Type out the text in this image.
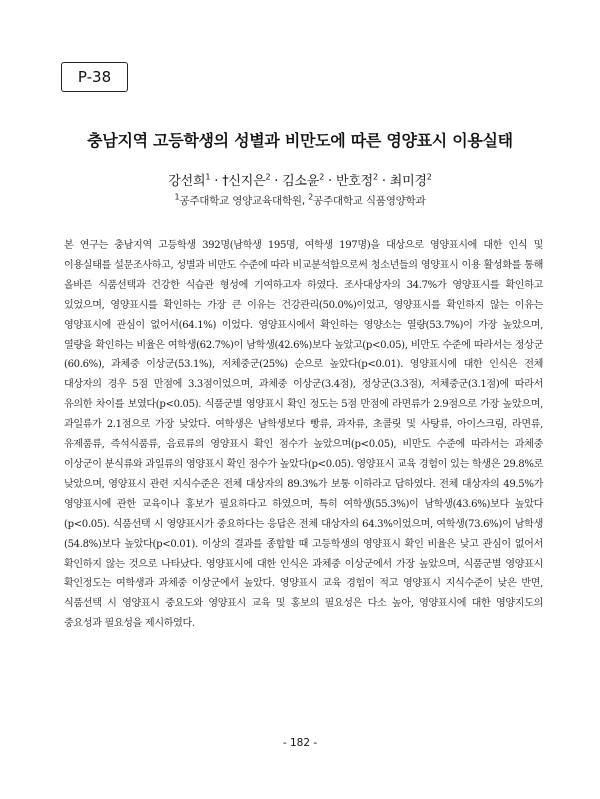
P-38
충남지역 고등학생의 성별과 비만도에 따른 영양표시 이용실태
강선희$^1$ · †신지은$^2$ · 김소윤$^2$ · 반호정$^2$ · 최미경$^2$
$^1$공주대학교 영양교육대학원, $^2$공주대학교 식품영양학과

본 연구는 충남지역 고등학생 392명(남학생 195명, 여학생 197명)을 대상으로 영양표시에 대한 인식 및 이용실태를 설문조사하고, 성별과 비만도 수준에 따라 비교분석함으로써 청소년들의 영양표시 이용 활성화를 통해 올바른 식품선택과 건강한 식습관 형성에 기여하고자 하였다. 조사대상자의 34.7%가 영양표시를 확인하고 있었으며, 영양표시를 확인하는 가장 큰 이유는 건강관리(50.0%)이었고, 영양표시를 확인하지 않는 이유는 영양표시에 관심이 없어서(64.1%) 이었다. 영양표시에서 확인하는 영양소는 열량(53.7%)이 가장 높았으며, 열량을 확인하는 비율은 여학생(62.7%)이 남학생(42.6%)보다 높았고(p<0.05), 비만도 수준에 따라서는 정상군(60.6%), 과체중 이상군(53.1%), 저체중군(25%) 순으로 높았다(p<0.01). 영양표시에 대한 인식은 전체 대상자의 경우 5점 만점에 3.3점이었으며, 과체중 이상군(3.4점), 정상군(3.3점), 저체중군(3.1점)에 따라서 유의한 차이를 보였다(p<0.05). 식품군별 영양표시 확인 정도는 5점 만점에 라면류가 2.9점으로 가장 높았으며, 과일류가 2.1점으로 가장 낮았다. 여학생은 남학생보다 빵류, 과자류, 초콜릿 및 사탕류, 아이스크림, 라면류, 유제품류, 즉석식품류, 음료류의 영양표시 확인 점수가 높았으며(p<0.05), 비만도 수준에 따라서는 과체중 이상군이 분식류와 과일류의 영양표시 확인 점수가 높았다(p<0.05). 영양표시 교육 경험이 있는 학생은 29.8%로 낮았으며, 영양표시 관련 지식수준은 전체 대상자의 89.3%가 보통 이하라고 답하였다. 전체 대상자의 49.5%가 영양표시에 관한 교육이나 홍보가 필요하다고 하였으며, 특히 여학생(55.3%)이 남학생(43.6%)보다 높았다(p<0.05). 식품선택 시 영양표시가 중요하다는 응답은 전체 대상자의 64.3%이었으며, 여학생(73.6%)이 남학생(54.8%)보다 높았다(p<0.01). 이상의 결과를 종합할 때 고등학생의 영양표시 확인 비율은 낮고 관심이 없어서 확인하지 않는 것으로 나타났다. 영양표시에 대한 인식은 과체중 이상군에서 가장 높았으며, 식품군별 영양표시 확인정도는 여학생과 과체중 이상군에서 높았다. 영양표시 교육 경험이 적고 영양표시 지식수준이 낮은 반면, 식품선택 시 영양표시 중요도와 영양표시 교육 및 홍보의 필요성은 다소 높아, 영양표시에 대한 영양지도의 중요성과 필요성을 제시하였다.

- 182 -
